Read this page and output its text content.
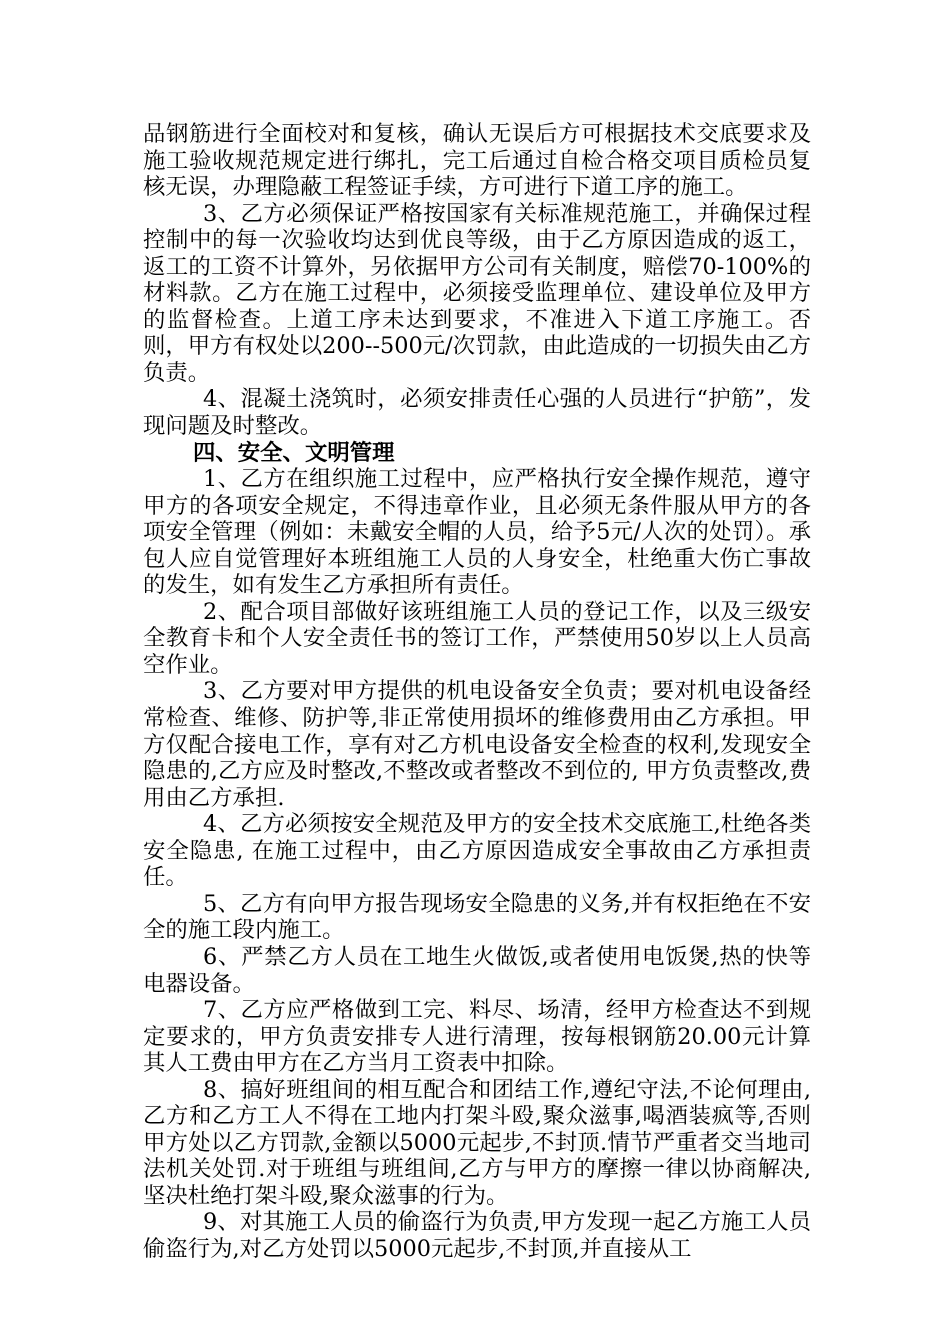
品钢筋进行全面校对和复核，确认无误后方可根据技术交底要求及施工验收规范规定进行绑扎，完工后通过自检合格交项目质检员复核无误，办理隐蔽工程签证手续，方可进行下道工序的施工。

3、乙方必须保证严格按国家有关标准规范施工，并确保过程控制中的每一次验收均达到优良等级，由于乙方原因造成的返工，返工的工资不计算外，另依据甲方公司有关制度，赔偿70-100%的材料款。乙方在施工过程中，必须接受监理单位、建设单位及甲方的监督检查。上道工序未达到要求，不准进入下道工序施工。否则，甲方有权处以200--500元/次罚款，由此造成的一切损失由乙方负责。

4、混凝土浇筑时，必须安排责任心强的人员进行“护筋”，发现问题及时整改。

四、安全、文明管理

1、乙方在组织施工过程中，应严格执行安全操作规范，遵守甲方的各项安全规定，不得违章作业，且必须无条件服从甲方的各项安全管理（例如：未戴安全帽的人员，给予5元/人次的处罚）。承包人应自觉管理好本班组施工人员的人身安全，杜绝重大伤亡事故的发生，如有发生乙方承担所有责任。

2、配合项目部做好该班组施工人员的登记工作，以及三级安全教育卡和个人安全责任书的签订工作，严禁使用50岁以上人员高空作业。

3、乙方要对甲方提供的机电设备安全负责；要对机电设备经常检查、维修、防护等,非正常使用损坏的维修费用由乙方承担。甲方仅配合接电工作，享有对乙方机电设备安全检查的权利,发现安全隐患的,乙方应及时整改,不整改或者整改不到位的, 甲方负责整改,费用由乙方承担.

4、乙方必须按安全规范及甲方的安全技术交底施工,杜绝各类安全隐患, 在施工过程中，由乙方原因造成安全事故由乙方承担责任。

5、乙方有向甲方报告现场安全隐患的义务,并有权拒绝在不安全的施工段内施工。

6、严禁乙方人员在工地生火做饭,或者使用电饭煲,热的快等电器设备。

7、乙方应严格做到工完、料尽、场清，经甲方检查达不到规定要求的，甲方负责安排专人进行清理，按每根钢筋20.00元计算其人工费由甲方在乙方当月工资表中扣除。

8、搞好班组间的相互配合和团结工作,遵纪守法,不论何理由,乙方和乙方工人不得在工地内打架斗殴,聚众滋事,喝酒装疯等,否则甲方处以乙方罚款,金额以5000元起步,不封顶.情节严重者交当地司法机关处罚.对于班组与班组间,乙方与甲方的摩擦一律以协商解决,坚决杜绝打架斗殴,聚众滋事的行为。

9、对其施工人员的偷盗行为负责,甲方发现一起乙方施工人员偷盗行为,对乙方处罚以5000元起步,不封顶,并直接从工
